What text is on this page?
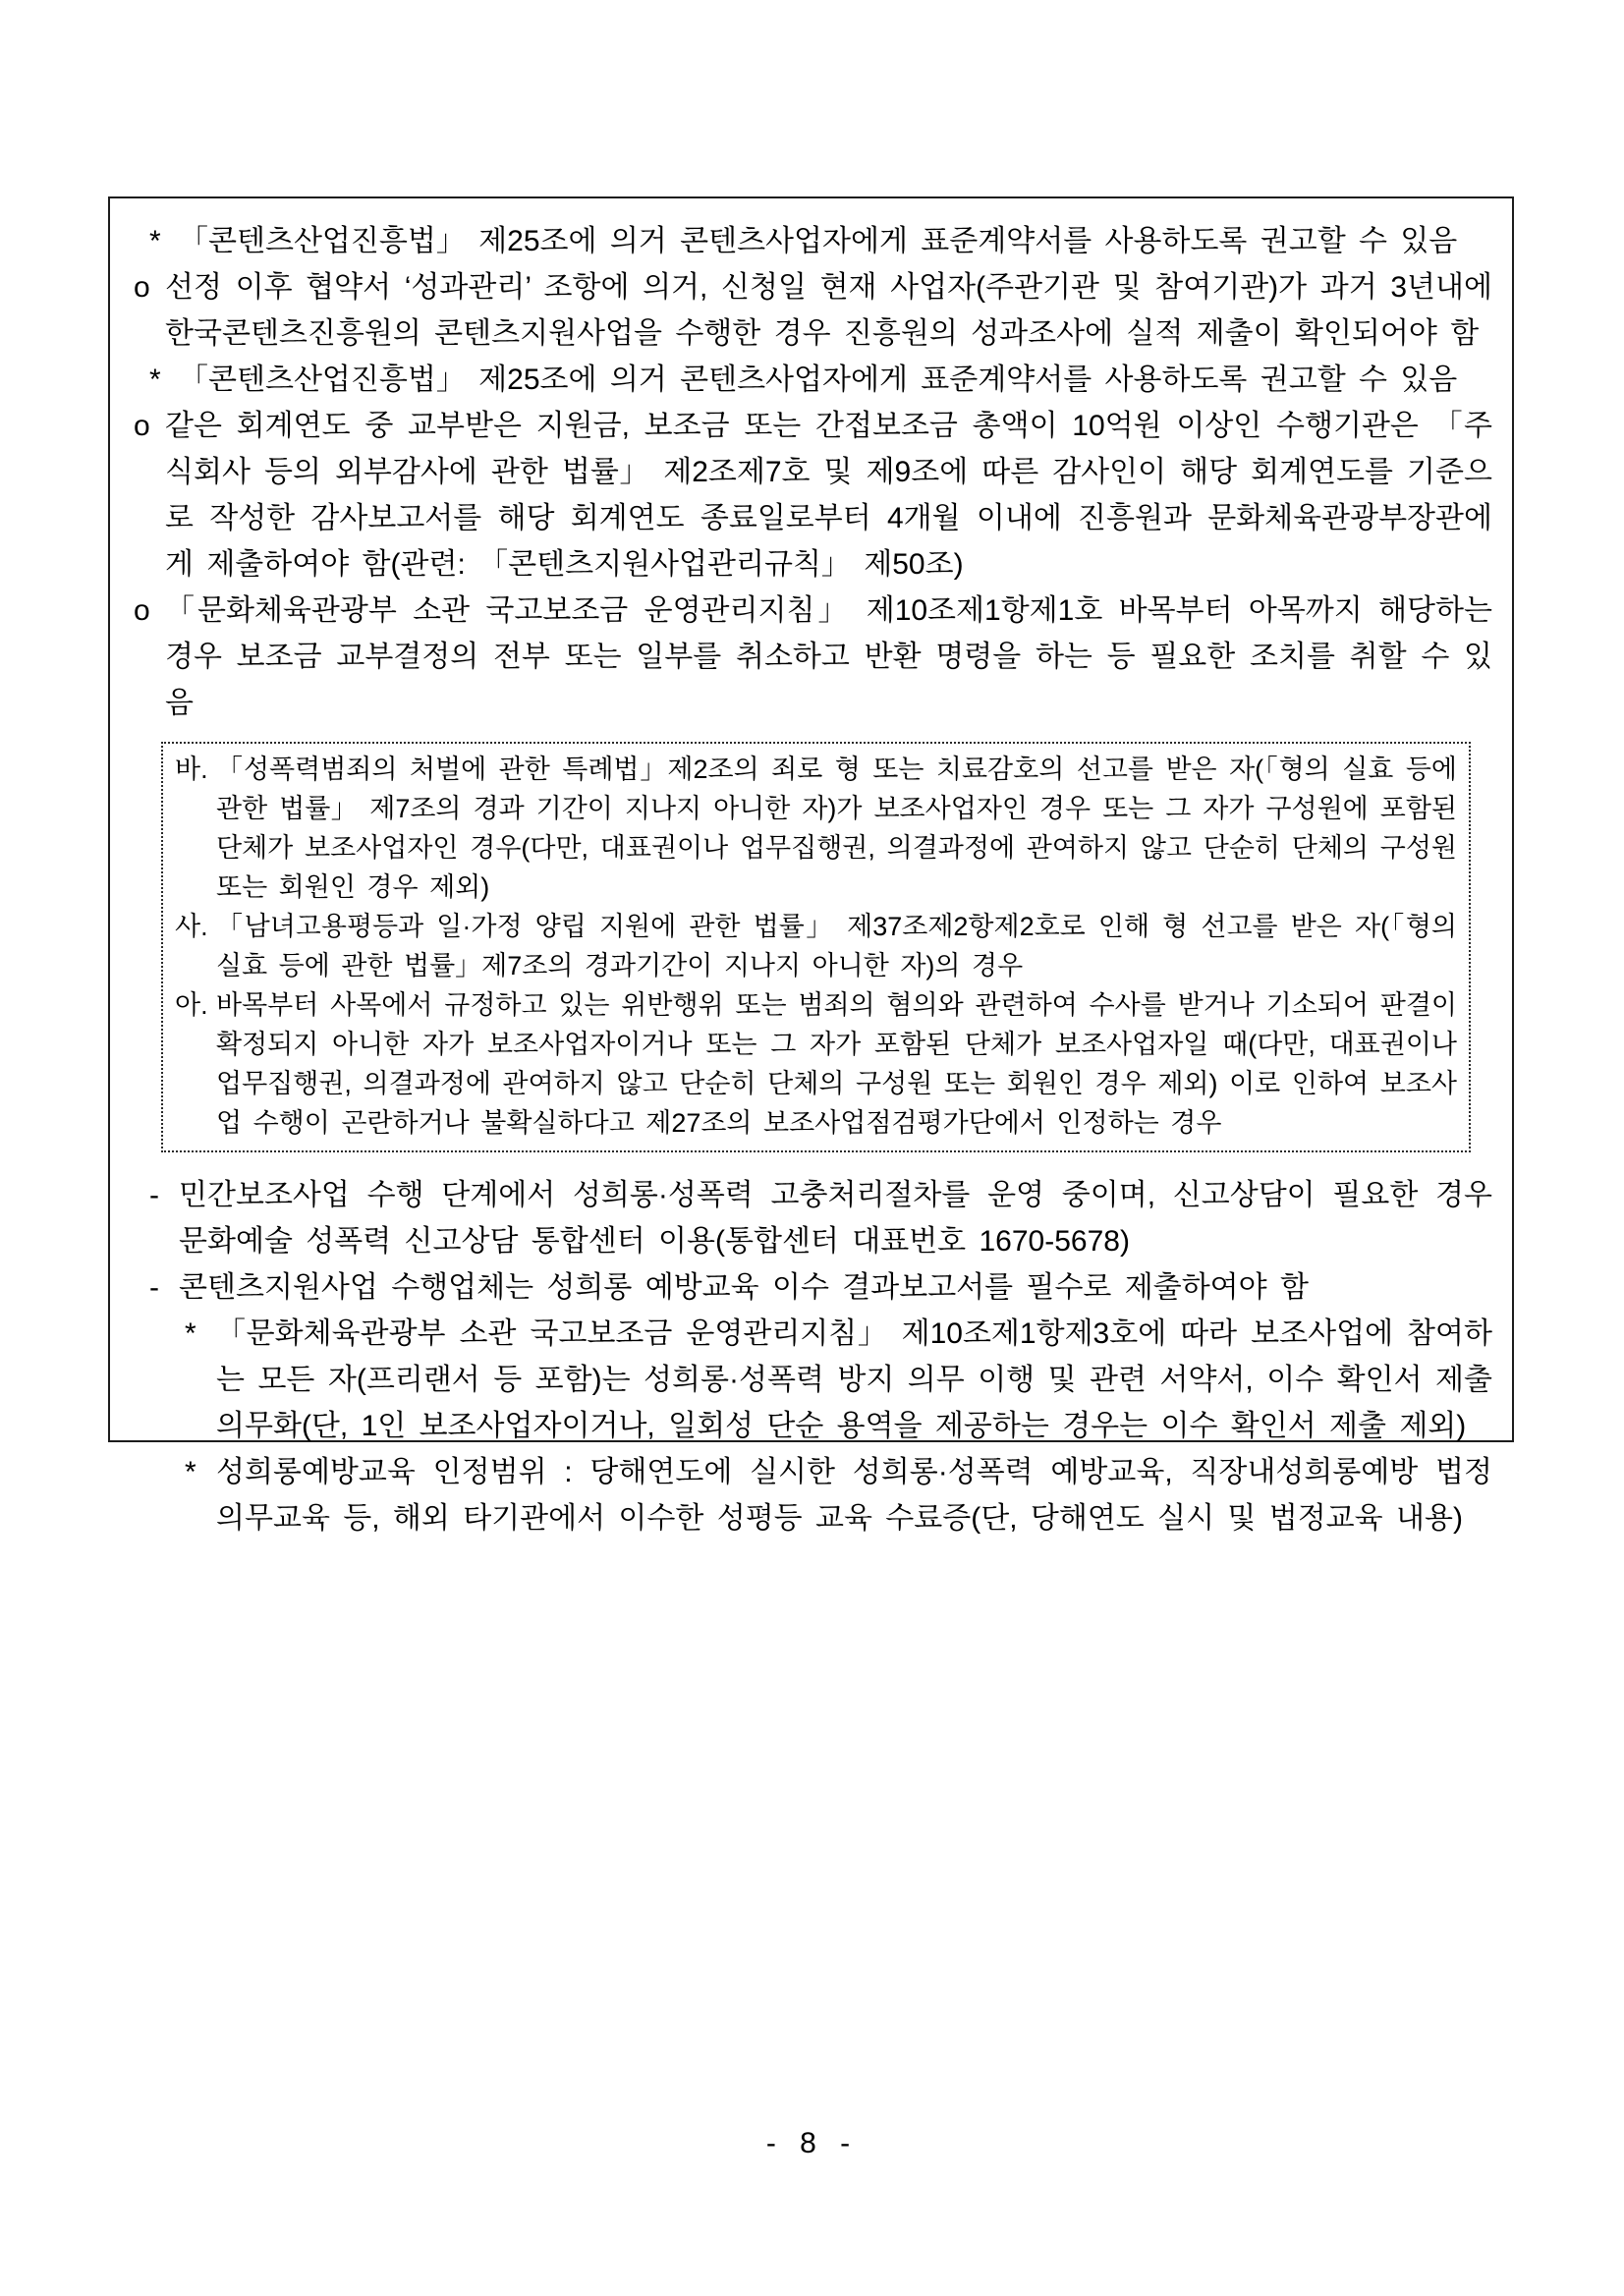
* 「콘텐츠산업진흥법」 제25조에 의거 콘텐츠사업자에게 표준계약서를 사용하도록 권고할 수 있음
o 선정 이후 협약서 ‘성과관리’ 조항에 의거, 신청일 현재 사업자(주관기관 및 참여기관)가 과거 3년내에 한국콘텐츠진흥원의 콘텐츠지원사업을 수행한 경우 진흥원의 성과조사에 실적 제출이 확인되어야 함
* 「콘텐츠산업진흥법」 제25조에 의거 콘텐츠사업자에게 표준계약서를 사용하도록 권고할 수 있음
o 같은 회계연도 중 교부받은 지원금, 보조금 또는 간접보조금 총액이 10억원 이상인 수행기관은 「주식회사 등의 외부감사에 관한 법률」 제2조제7호 및 제9조에 따른 감사인이 해당 회계연도를 기준으로 작성한 감사보고서를 해당 회계연도 종료일로부터 4개월 이내에 진흥원과 문화체육관광부장관에게 제출하여야 함(관련: 「콘텐츠지원사업관리규칙」 제50조)
o 「문화체육관광부 소관 국고보조금 운영관리지침」 제10조제1항제1호 바목부터 아목까지 해당하는 경우 보조금 교부결정의 전부 또는 일부를 취소하고 반환 명령을 하는 등 필요한 조치를 취할 수 있음
바. 「성폭력범죄의 처벌에 관한 특례법」제2조의 죄로 형 또는 치료감호의 선고를 받은 자(「형의 실효 등에 관한 법률」 제7조의 경과 기간이 지나지 아니한 자)가 보조사업자인 경우 또는 그 자가 구성원에 포함된 단체가 보조사업자인 경우(다만, 대표권이나 업무집행권, 의결과정에 관여하지 않고 단순히 단체의 구성원 또는 회원인 경우 제외)
사. 「남녀고용평등과 일·가정 양립 지원에 관한 법률」 제37조제2항제2호로 인해 형 선고를 받은 자(「형의 실효 등에 관한 법률」제7조의 경과기간이 지나지 아니한 자)의 경우
아. 바목부터 사목에서 규정하고 있는 위반행위 또는 범죄의 혐의와 관련하여 수사를 받거나 기소되어 판결이 확정되지 아니한 자가 보조사업자이거나 또는 그 자가 포함된 단체가 보조사업자일 때(다만, 대표권이나 업무집행권, 의결과정에 관여하지 않고 단순히 단체의 구성원 또는 회원인 경우 제외) 이로 인하여 보조사업 수행이 곤란하거나 불확실하다고 제27조의 보조사업점검평가단에서 인정하는 경우
- 민간보조사업 수행 단계에서 성희롱·성폭력 고충처리절차를 운영 중이며, 신고상담이 필요한 경우 문화예술 성폭력 신고상담 통합센터 이용(통합센터 대표번호 1670-5678)
- 콘텐츠지원사업 수행업체는 성희롱 예방교육 이수 결과보고서를 필수로 제출하여야 함
* 「문화체육관광부 소관 국고보조금 운영관리지침」 제10조제1항제3호에 따라 보조사업에 참여하는 모든 자(프리랜서 등 포함)는 성희롱·성폭력 방지 의무 이행 및 관련 서약서, 이수 확인서 제출 의무화(단, 1인 보조사업자이거나, 일회성 단순 용역을 제공하는 경우는 이수 확인서 제출 제외)
* 성희롱예방교육 인정범위 : 당해연도에 실시한 성희롱·성폭력 예방교육, 직장내성희롱예방 법정 의무교육 등, 해외 타기관에서 이수한 성평등 교육 수료증(단, 당해연도 실시 및 법정교육 내용)
- 8 -
